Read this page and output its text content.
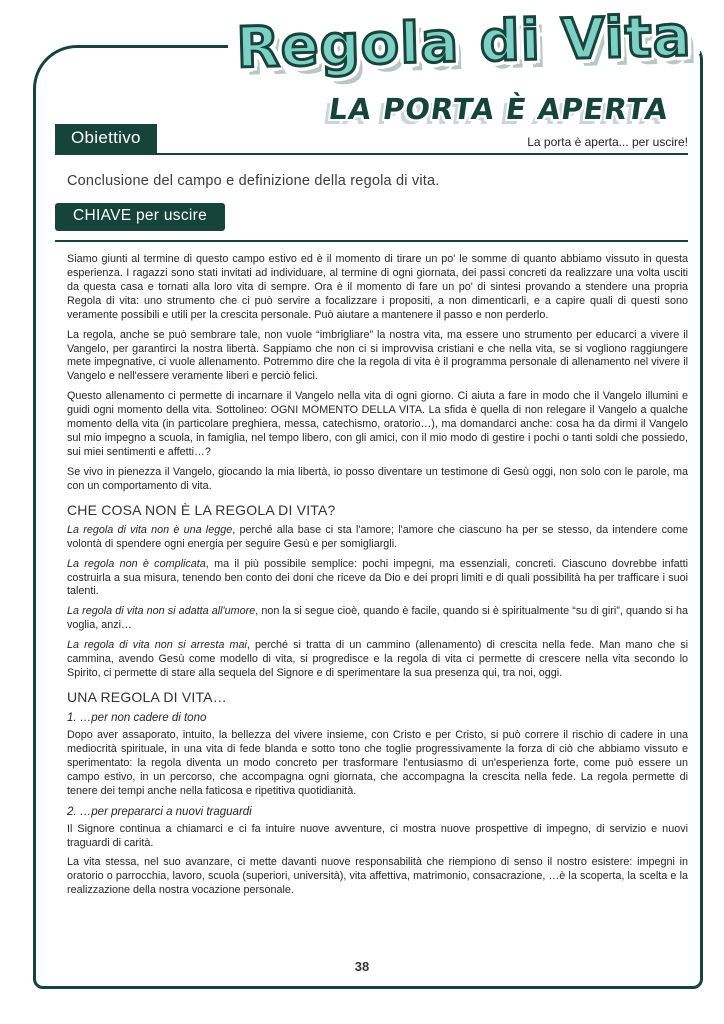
Regola di Vita
LA PORTA È APERTA
Obiettivo	La porta è aperta... per uscire!

Conclusione del campo e definizione della regola di vita.

CHIAVE per uscire

Siamo giunti al termine di questo campo estivo ed è il momento di tirare un po' le somme di quanto abbiamo vissuto in questa esperienza. I ragazzi sono stati invitati ad individuare, al termine di ogni giornata, dei passi concreti da realizzare una volta usciti da questa casa e tornati alla loro vita di sempre. Ora è il momento di fare un po' di sintesi provando a stendere una propria Regola di vita: uno strumento che ci può servire a focalizzare i propositi, a non dimenticarli, e a capire quali di questi sono veramente possibili e utili per la crescita personale. Può aiutare a mantenere il passo e non perderlo.

La regola, anche se può sembrare tale, non vuole “imbrigliare” la nostra vita, ma essere uno strumento per educarci a vivere il Vangelo, per garantirci la nostra libertà. Sappiamo che non ci si improvvisa cristiani e che nella vita, se si vogliono raggiungere mete impegnative, ci vuole allenamento. Potremmo dire che la regola di vita è il programma personale di allenamento nel vivere il Vangelo e nell'essere veramente liberi e perciò felici.

Questo allenamento ci permette di incarnare il Vangelo nella vita di ogni giorno. Ci aiuta a fare in modo che il Vangelo illumini e guidi ogni momento della vita. Sottolineo: OGNI MOMENTO DELLA VITA. La sfida è quella di non relegare il Vangelo a qualche momento della vita (in particolare preghiera, messa, catechismo, oratorio…), ma domandarci anche: cosa ha da dirmi il Vangelo sul mio impegno a scuola, in famiglia, nel tempo libero, con gli amici, con il mio modo di gestire i pochi o tanti soldi che possiedo, sui miei sentimenti e affetti…?

Se vivo in pienezza il Vangelo, giocando la mia libertà, io posso diventare un testimone di Gesù oggi, non solo con le parole, ma con un comportamento di vita.

CHE COSA NON È LA REGOLA DI VITA?

La regola di vita non è una legge, perché alla base ci sta l'amore; l'amore che ciascuno ha per se stesso, da intendere come volontà di spendere ogni energia per seguire Gesù e per somigliargli.

La regola non è complicata, ma il più possibile semplice: pochi impegni, ma essenziali, concreti. Ciascuno dovrebbe infatti costruirla a sua misura, tenendo ben conto dei doni che riceve da Dio e dei propri limiti e di quali possibilità ha per trafficare i suoi talenti.

La regola di vita non si adatta all'umore, non la si segue cioè, quando è facile, quando si è spiritualmente “su di giri”, quando si ha voglia, anzi…

La regola di vita non si arresta mai, perché si tratta di un cammino (allenamento) di crescita nella fede. Man mano che si cammina, avendo Gesù come modello di vita, si progredisce e la regola di vita ci permette di crescere nella vita secondo lo Spirito, ci permette di stare alla sequela del Signore e di sperimentare la sua presenza qui, tra noi, oggi.

UNA REGOLA DI VITA…
1. …per non cadere di tono

Dopo aver assaporato, intuito, la bellezza del vivere insieme, con Cristo e per Cristo, si può correre il rischio di cadere in una mediocrità spirituale, in una vita di fede blanda e sotto tono che toglie progressivamente la forza di ciò che abbiamo vissuto e sperimentato: la regola diventa un modo concreto per trasformare l'entusiasmo di un'esperienza forte, come può essere un campo estivo, in un percorso, che accompagna ogni giornata, che accompagna la crescita nella fede. La regola permette di tenere dei tempi anche nella faticosa e ripetitiva quotidianità.

2. …per prepararci a nuovi traguardi

Il Signore continua a chiamarci e ci fa intuire nuove avventure, ci mostra nuove prospettive di impegno, di servizio e nuovi traguardi di carità.

La vita stessa, nel suo avanzare, ci mette davanti nuove responsabilità che riempiono di senso il nostro esistere: impegni in oratorio o parrocchia, lavoro, scuola (superiori, università), vita affettiva, matrimonio, consacrazione, …è la scoperta, la scelta e la realizzazione della nostra vocazione personale.

38
